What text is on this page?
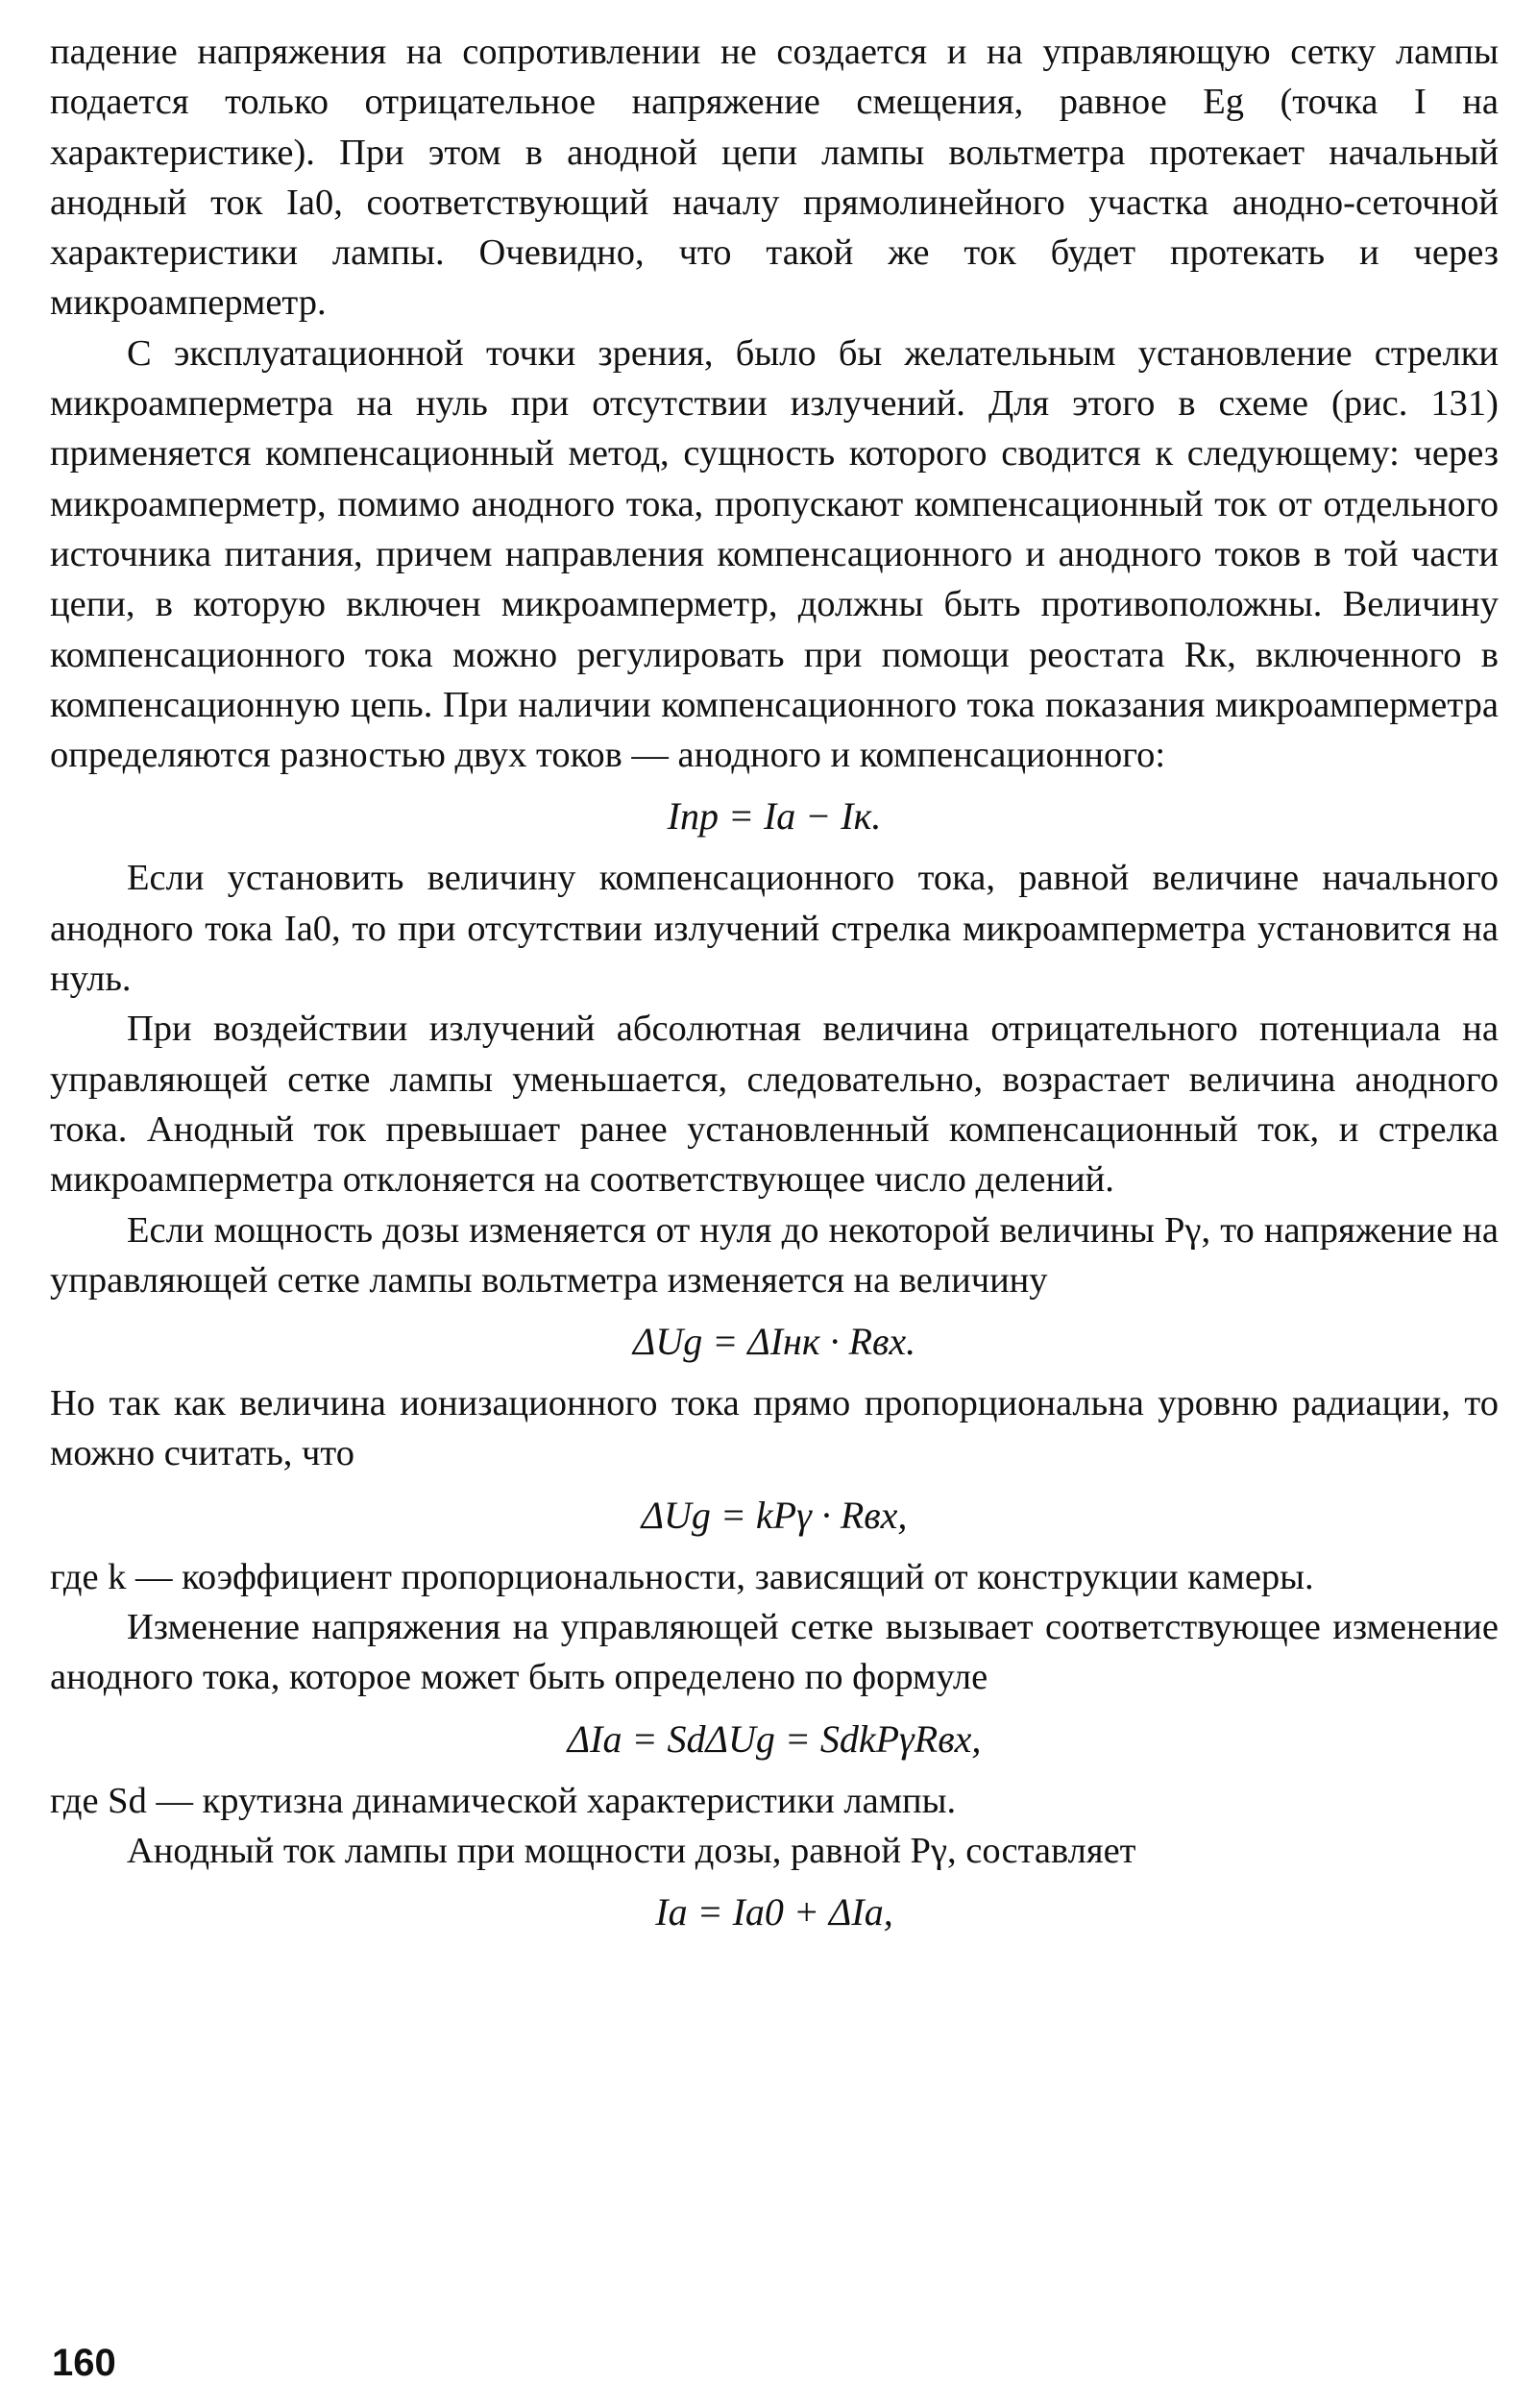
падение напряжения на сопротивлении не создается и на управляющую сетку лампы подается только отрицательное напряжение смещения, равное Eg (точка I на характеристике). При этом в анодной цепи лампы вольтметра протекает начальный анодный ток Ia0, соответствующий началу прямолинейного участка анодно-сеточной характеристики лампы. Очевидно, что такой же ток будет протекать и через микроамперметр.

С эксплуатационной точки зрения, было бы желательным установление стрелки микроамперметра на нуль при отсутствии излучений. Для этого в схеме (рис. 131) применяется компенсационный метод, сущность которого сводится к следующему: через микроамперметр, помимо анодного тока, пропускают компенсационный ток от отдельного источника питания, причем направления компенсационного и анодного токов в той части цепи, в которую включен микроамперметр, должны быть противоположны. Величину компенсационного тока можно регулировать при помощи реостата Rк, включенного в компенсационную цепь. При наличии компенсационного тока показания микроамперметра определяются разностью двух токов — анодного и компенсационного:

Iпр = Ia − Iк.

Если установить величину компенсационного тока, равной величине начального анодного тока Ia0, то при отсутствии излучений стрелка микроамперметра установится на нуль.

При воздействии излучений абсолютная величина отрицательного потенциала на управляющей сетке лампы уменьшается, следовательно, возрастает величина анодного тока. Анодный ток превышает ранее установленный компенсационный ток, и стрелка микроамперметра отклоняется на соответствующее число делений.

Если мощность дозы изменяется от нуля до некоторой величины Pγ, то напряжение на управляющей сетке лампы вольтметра изменяется на величину

ΔUg = ΔIнк · Rвх.

Но так как величина ионизационного тока прямо пропорциональна уровню радиации, то можно считать, что

ΔUg = kPγ · Rвх,

где k — коэффициент пропорциональности, зависящий от конструкции камеры.

Изменение напряжения на управляющей сетке вызывает соответствующее изменение анодного тока, которое может быть определено по формуле

ΔIa = SdΔUg = SdkPγRвх,

где Sd — крутизна динамической характеристики лампы.

Анодный ток лампы при мощности дозы, равной Pγ, составляет

Ia = Ia0 + ΔIa,
160
